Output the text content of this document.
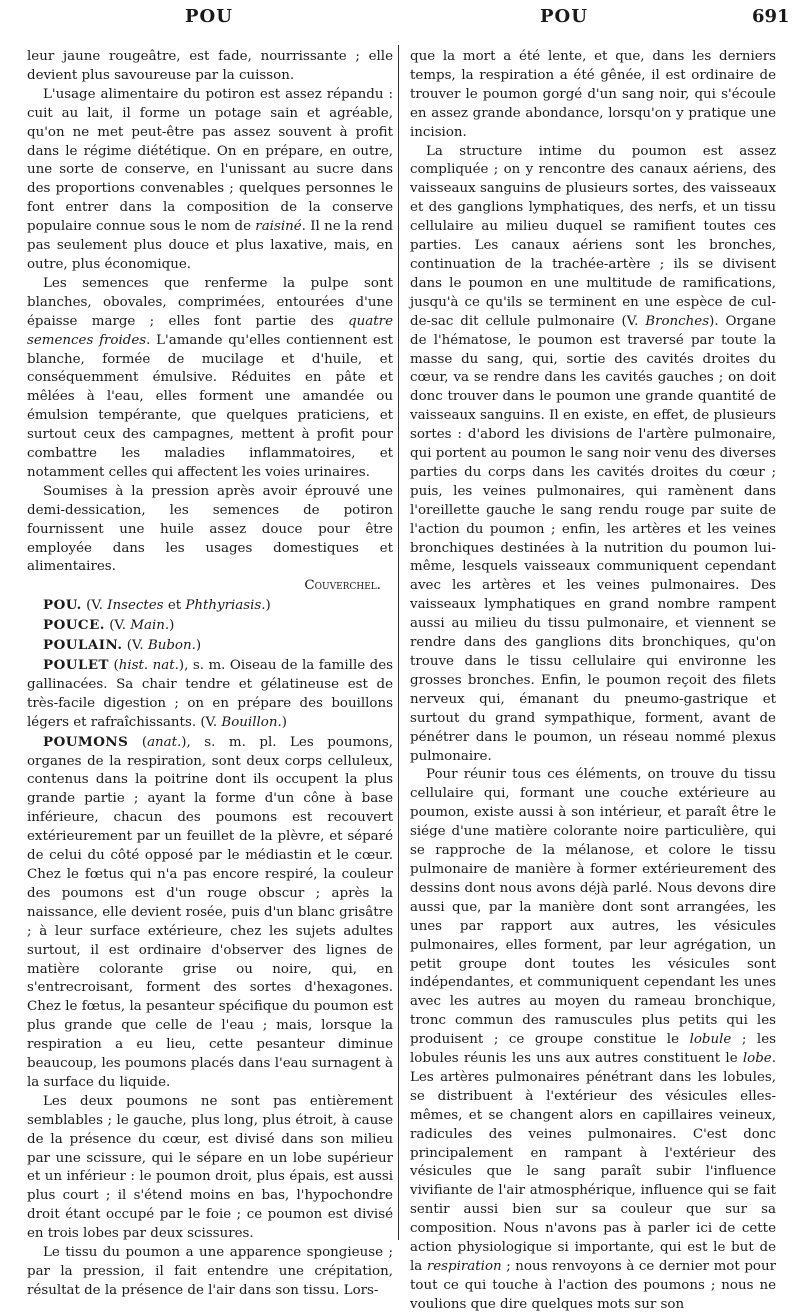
POU	POU	691

leur jaune rougeâtre, est fade, nourrissante ; elle devient plus savoureuse par la cuisson.

L'usage alimentaire du potiron est assez répandu : cuit au lait, il forme un potage sain et agréable, qu'on ne met peut-être pas assez souvent à profit dans le régime diététique. On en prépare, en outre, une sorte de conserve, en l'unissant au sucre dans des proportions convenables ; quelques personnes le font entrer dans la composition de la conserve populaire connue sous le nom de raisiné. Il ne la rend pas seulement plus douce et plus laxative, mais, en outre, plus économique.

Les semences que renferme la pulpe sont blanches, obovales, comprimées, entourées d'une épaisse marge ; elles font partie des quatre semences froides. L'amande qu'elles contiennent est blanche, formée de mucilage et d'huile, et conséquemment émulsive. Réduites en pâte et mêlées à l'eau, elles forment une amandée ou émulsion tempérante, que quelques praticiens, et surtout ceux des campagnes, mettent à profit pour combattre les maladies inflammatoires, et notamment celles qui affectent les voies urinaires.

Soumises à la pression après avoir éprouvé une demi-dessication, les semences de potiron fournissent une huile assez douce pour être employée dans les usages domestiques et alimentaires.

Couverchel.

POU. (V. Insectes et Phthyriasis.)

POUCE. (V. Main.)

POULAIN. (V. Bubon.)

POULET (hist. nat.), s. m. Oiseau de la famille des gallinacées. Sa chair tendre et gélatineuse est de très-facile digestion ; on en prépare des bouillons légers et rafraîchissants. (V. Bouillon.)

POUMONS (anat.), s. m. pl. Les poumons, organes de la respiration, sont deux corps celluleux, contenus dans la poitrine dont ils occupent la plus grande partie ; ayant la forme d'un cône à base inférieure, chacun des poumons est recouvert extérieurement par un feuillet de la plèvre, et séparé de celui du côté opposé par le médiastin et le cœur. Chez le fœtus qui n'a pas encore respiré, la couleur des poumons est d'un rouge obscur ; après la naissance, elle devient rosée, puis d'un blanc grisâtre ; à leur surface extérieure, chez les sujets adultes surtout, il est ordinaire d'observer des lignes de matière colorante grise ou noire, qui, en s'entrecroisant, forment des sortes d'hexagones. Chez le fœtus, la pesanteur spécifique du poumon est plus grande que celle de l'eau ; mais, lorsque la respiration a eu lieu, cette pesanteur diminue beaucoup, les poumons placés dans l'eau surnagent à la surface du liquide.

Les deux poumons ne sont pas entièrement semblables ; le gauche, plus long, plus étroit, à cause de la présence du cœur, est divisé dans son milieu par une scissure, qui le sépare en un lobe supérieur et un inférieur : le poumon droit, plus épais, est aussi plus court ; il s'étend moins en bas, l'hypochondre droit étant occupé par le foie ; ce poumon est divisé en trois lobes par deux scissures.

Le tissu du poumon a une apparence spongieuse ; par la pression, il fait entendre une crépitation, résultat de la présence de l'air dans son tissu. Lors-

que la mort a été lente, et que, dans les derniers temps, la respiration a été gênée, il est ordinaire de trouver le poumon gorgé d'un sang noir, qui s'écoule en assez grande abondance, lorsqu'on y pratique une incision.

La structure intime du poumon est assez compliquée ; on y rencontre des canaux aériens, des vaisseaux sanguins de plusieurs sortes, des vaisseaux et des ganglions lymphatiques, des nerfs, et un tissu cellulaire au milieu duquel se ramifient toutes ces parties. Les canaux aériens sont les bronches, continuation de la trachée-artère ; ils se divisent dans le poumon en une multitude de ramifications, jusqu'à ce qu'ils se terminent en une espèce de cul-de-sac dit cellule pulmonaire (V. Bronches). Organe de l'hématose, le poumon est traversé par toute la masse du sang, qui, sortie des cavités droites du cœur, va se rendre dans les cavités gauches ; on doit donc trouver dans le poumon une grande quantité de vaisseaux sanguins. Il en existe, en effet, de plusieurs sortes : d'abord les divisions de l'artère pulmonaire, qui portent au poumon le sang noir venu des diverses parties du corps dans les cavités droites du cœur ; puis, les veines pulmonaires, qui ramènent dans l'oreillette gauche le sang rendu rouge par suite de l'action du poumon ; enfin, les artères et les veines bronchiques destinées à la nutrition du poumon lui-même, lesquels vaisseaux communiquent cependant avec les artères et les veines pulmonaires. Des vaisseaux lymphatiques en grand nombre rampent aussi au milieu du tissu pulmonaire, et viennent se rendre dans des ganglions dits bronchiques, qu'on trouve dans le tissu cellulaire qui environne les grosses bronches. Enfin, le poumon reçoit des filets nerveux qui, émanant du pneumo-gastrique et surtout du grand sympathique, forment, avant de pénétrer dans le poumon, un réseau nommé plexus pulmonaire.

Pour réunir tous ces éléments, on trouve du tissu cellulaire qui, formant une couche extérieure au poumon, existe aussi à son intérieur, et paraît être le siége d'une matière colorante noire particulière, qui se rapproche de la mélanose, et colore le tissu pulmonaire de manière à former extérieurement des dessins dont nous avons déjà parlé. Nous devons dire aussi que, par la manière dont sont arrangées, les unes par rapport aux autres, les vésicules pulmonaires, elles forment, par leur agrégation, un petit groupe dont toutes les vésicules sont indépendantes, et communiquent cependant les unes avec les autres au moyen du rameau bronchique, tronc commun des ramuscules plus petits qui les produisent ; ce groupe constitue le lobule ; les lobules réunis les uns aux autres constituent le lobe. Les artères pulmonaires pénétrant dans les lobules, se distribuent à l'extérieur des vésicules elles-mêmes, et se changent alors en capillaires veineux, radicules des veines pulmonaires. C'est donc principalement en rampant à l'extérieur des vésicules que le sang paraît subir l'influence vivifiante de l'air atmosphérique, influence qui se fait sentir aussi bien sur sa couleur que sur sa composition. Nous n'avons pas à parler ici de cette action physiologique si importante, qui est le but de la respiration ; nous renvoyons à ce dernier mot pour tout ce qui touche à l'action des poumons ; nous ne voulions que dire quelques mots sur son
